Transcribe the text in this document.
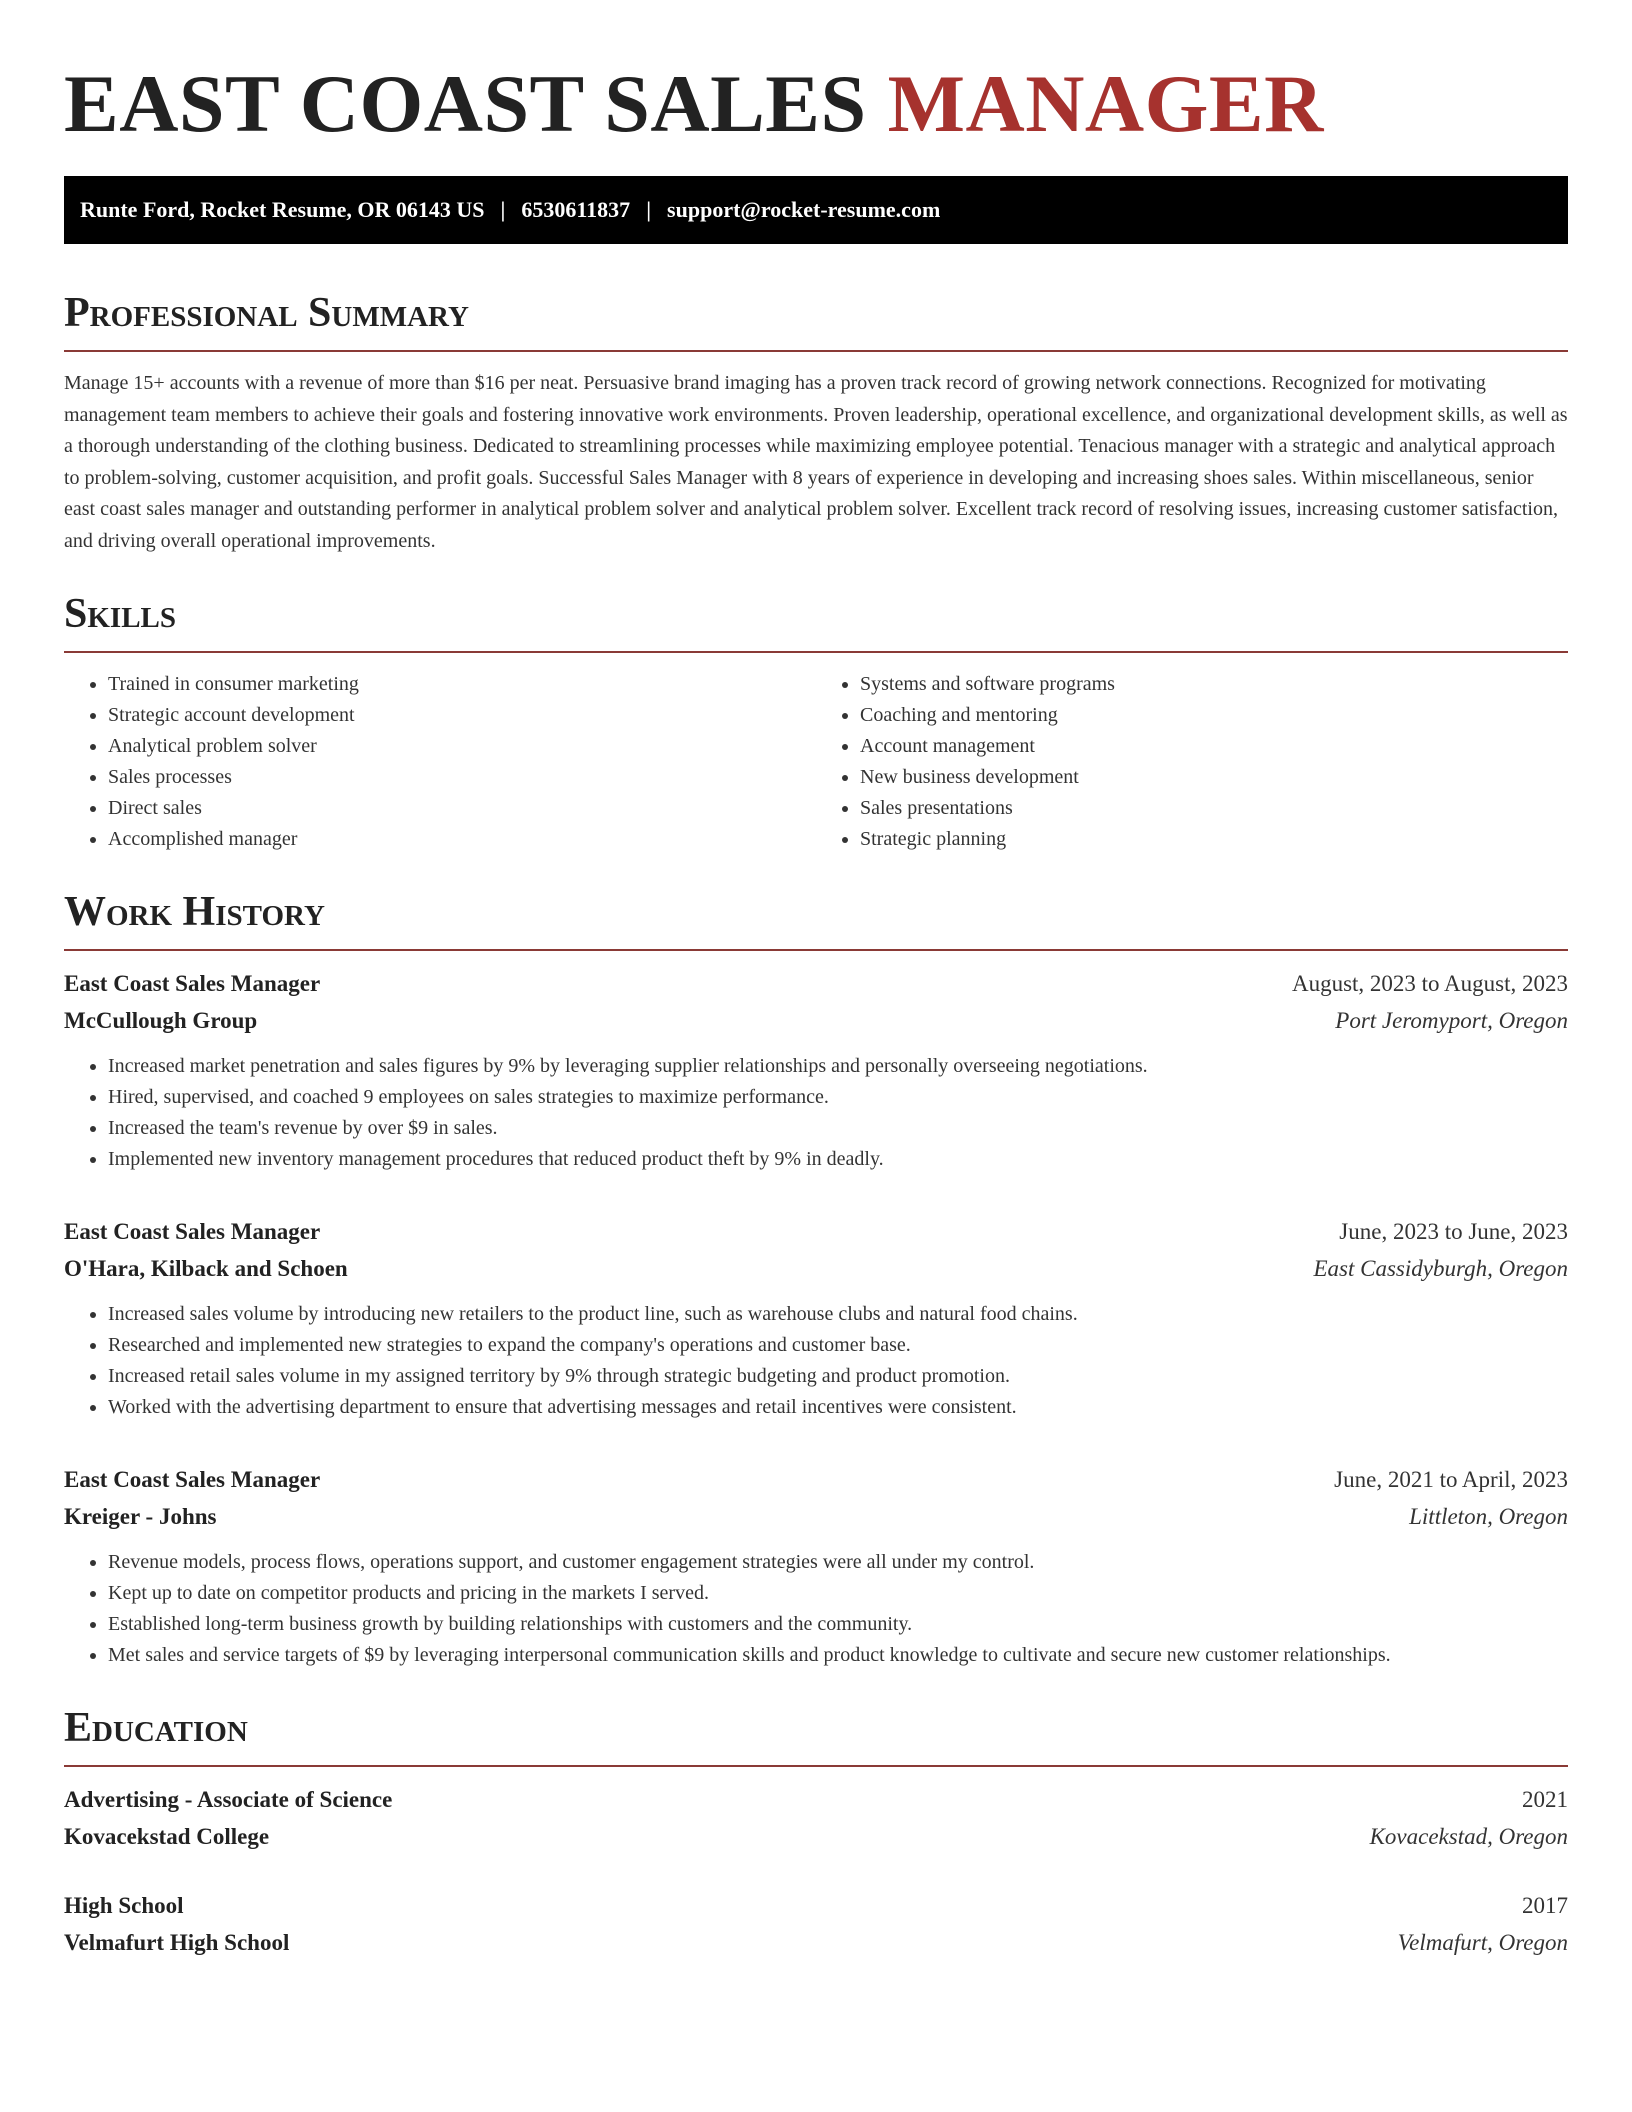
EAST COAST SALES MANAGER
Runte Ford, Rocket Resume, OR 06143 US | 6530611837 | support@rocket-resume.com
Professional Summary

Manage 15+ accounts with a revenue of more than $16 per neat. Persuasive brand imaging has a proven track record of growing network connections. Recognized for motivating management team members to achieve their goals and fostering innovative work environments. Proven leadership, operational excellence, and organizational development skills, as well as a thorough understanding of the clothing business. Dedicated to streamlining processes while maximizing employee potential. Tenacious manager with a strategic and analytical approach to problem-solving, customer acquisition, and profit goals. Successful Sales Manager with 8 years of experience in developing and increasing shoes sales. Within miscellaneous, senior east coast sales manager and outstanding performer in analytical problem solver and analytical problem solver. Excellent track record of resolving issues, increasing customer satisfaction, and driving overall operational improvements.

Skills
• Trained in consumer marketing
• Strategic account development
• Analytical problem solver
• Sales processes
• Direct sales
• Accomplished manager
• Systems and software programs
• Coaching and mentoring
• Account management
• New business development
• Sales presentations
• Strategic planning
Work History
East Coast Sales Manager	August, 2023 to August, 2023
McCullough Group	Port Jeromyport, Oregon
• Increased market penetration and sales figures by 9% by leveraging supplier relationships and personally overseeing negotiations.
• Hired, supervised, and coached 9 employees on sales strategies to maximize performance.
• Increased the team's revenue by over $9 in sales.
• Implemented new inventory management procedures that reduced product theft by 9% in deadly.
East Coast Sales Manager	June, 2023 to June, 2023
O'Hara, Kilback and Schoen	East Cassidyburgh, Oregon
• Increased sales volume by introducing new retailers to the product line, such as warehouse clubs and natural food chains.
• Researched and implemented new strategies to expand the company's operations and customer base.
• Increased retail sales volume in my assigned territory by 9% through strategic budgeting and product promotion.
• Worked with the advertising department to ensure that advertising messages and retail incentives were consistent.
East Coast Sales Manager	June, 2021 to April, 2023
Kreiger - Johns	Littleton, Oregon
• Revenue models, process flows, operations support, and customer engagement strategies were all under my control.
• Kept up to date on competitor products and pricing in the markets I served.
• Established long-term business growth by building relationships with customers and the community.
• Met sales and service targets of $9 by leveraging interpersonal communication skills and product knowledge to cultivate and secure new customer relationships.
Education
Advertising - Associate of Science	2021
Kovacekstad College	Kovacekstad, Oregon
High School	2017
Velmafurt High School	Velmafurt, Oregon
